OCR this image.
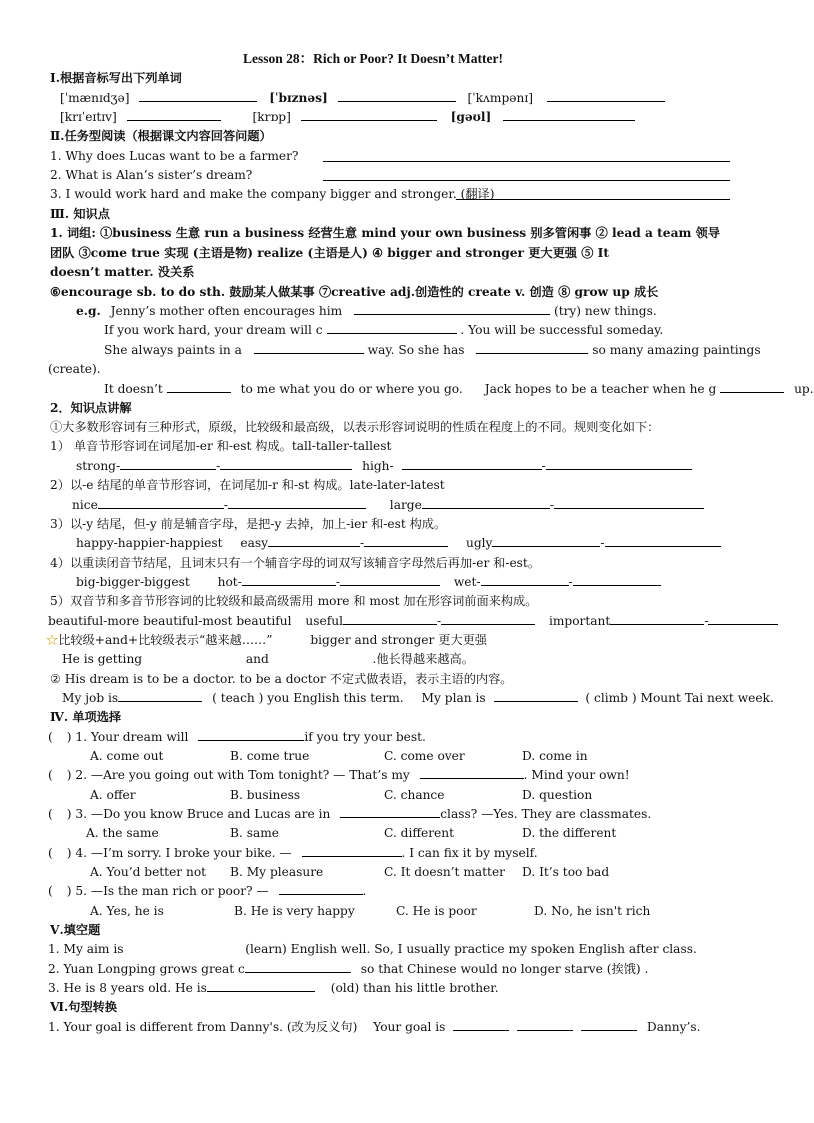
Lesson 28：Rich or Poor? It Doesn’t Matter!
Ⅰ.根据音标写出下列单词
[ˈmænɪdʒə]	[ˈbɪznəs]	[ˈkʌmpənɪ]
[krɪˈeɪtɪv]	[krɒp]	[gəʊl]
Ⅱ.任务型阅读（根据课文内容回答问题）
1. Why does Lucas want to be a farmer?
2. What is Alan’s sister’s dream?
3. I would work hard and make the company bigger and stronger. (翻译)
Ⅲ. 知识点
1. 词组: ①business 生意 run a business 经营生意 mind your own business 别多管闲事 ② lead a team 领导
团队 ③come true 实现 (主语是物) realize (主语是人) ④ bigger and stronger 更大更强 ⑤ It
doesn’t matter. 没关系
⑥encourage sb. to do sth. 鼓励某人做某事 ⑦creative adj.创造性的 create v. 创造 ⑧ grow up 成长
e.g. Jenny’s mother often encourages him	(try) new things.
If you work hard, your dream will c	. You will be successful someday.
She always paints in a	way. So she has	so many amazing paintings
(create).
It doesn’t	to me what you do or where you go. Jack hopes to be a teacher when he g	up.
2．知识点讲解
①大多数形容词有三种形式，原级，比较级和最高级，以表示形容词说明的性质在程度上的不同。规则变化如下：
1） 单音节形容词在词尾加-er 和-est 构成。tall-taller-tallest
strong-	-	high-	-
2）以-e 结尾的单音节形容词，在词尾加-r 和-st 构成。late-later-latest
nice	-	large	-
3）以-y 结尾，但-y 前是辅音字母，是把-y 去掉，加上-ier 和-est 构成。
happy-happier-happiest easy	-	ugly	-
4）以重读闭音节结尾，且词末只有一个辅音字母的词双写该辅音字母然后再加-er 和-est。
big-bigger-biggest hot-	-	wet-	-
5）双音节和多音节形容词的比较级和最高级需用 more 和 most 加在形容词前面来构成。
beautiful-more beautiful-most beautiful useful	-	important	-
☆比较级+and+比较级表示“越来越……”	bigger and stronger 更大更强
He is getting	and	.他长得越来越高。
② His dream is to be a doctor. to be a doctor 不定式做表语，表示主语的内容。
My job is	( teach ) you English this term. My plan is	( climb ) Mount Tai next week.
Ⅳ. 单项选择
( ) 1. Your dream will	if you try your best.
A. come out	B. come true	C. come over	D. come in
( ) 2. —Are you going out with Tom tonight? — That’s my	. Mind your own!
A. offer	B. business	C. chance	D. question
( ) 3. —Do you know Bruce and Lucas are in	class? —Yes. They are classmates.
A. the same	B. same	C. different	D. the different
( ) 4. —I’m sorry. I broke your bike. —	. I can fix it by myself.
A. You’d better not B. My pleasure	C. It doesn’t matter D. It’s too bad
( ) 5. —Is the man rich or poor? —	.
A. Yes, he is	B. He is very happy	C. He is poor	D. No, he isn't rich
Ⅴ.填空题
1. My aim is	(learn) English well. So, I usually practice my spoken English after class.
2. Yuan Longping grows great c	so that Chinese would no longer starve (挨饿) .
3. He is 8 years old. He is	(old) than his little brother.
Ⅵ.句型转换
1. Your goal is different from Danny's. (改为反义句) Your goal is	Danny’s.
